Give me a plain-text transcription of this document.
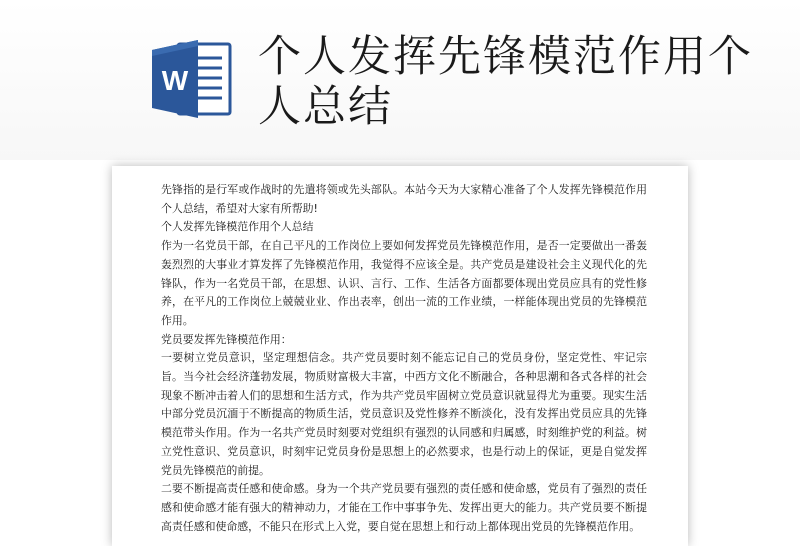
W 个人发挥先锋模范作用个人总结

先锋指的是行军或作战时的先遣将领或先头部队。本站今天为大家精心准备了个人发挥先锋模范作用个人总结，希望对大家有所帮助!

个人发挥先锋模范作用个人总结

作为一名党员干部，在自己平凡的工作岗位上要如何发挥党员先锋模范作用，是否一定要做出一番轰轰烈烈的大事业才算发挥了先锋模范作用，我觉得不应该全是。共产党员是建设社会主义现代化的先锋队，作为一名党员干部，在思想、认识、言行、工作、生活各方面都要体现出党员应具有的党性修养，在平凡的工作岗位上兢兢业业、作出表率，创出一流的工作业绩，一样能体现出党员的先锋模范作用。

党员要发挥先锋模范作用：

一要树立党员意识，坚定理想信念。共产党员要时刻不能忘记自己的党员身份，坚定党性、牢记宗旨。当今社会经济蓬勃发展，物质财富极大丰富，中西方文化不断融合，各种思潮和各式各样的社会现象不断冲击着人们的思想和生活方式，作为共产党员牢固树立党员意识就显得尤为重要。现实生活中部分党员沉湎于不断提高的物质生活，党员意识及党性修养不断淡化，没有发挥出党员应具的先锋模范带头作用。作为一名共产党员时刻要对党组织有强烈的认同感和归属感，时刻维护党的利益。树立党性意识、党员意识，时刻牢记党员身份是思想上的必然要求，也是行动上的保证，更是自觉发挥党员先锋模范的前提。

二要不断提高责任感和使命感。身为一个共产党员要有强烈的责任感和使命感，党员有了强烈的责任感和使命感才能有强大的精神动力，才能在工作中事事争先、发挥出更大的能力。共产党员要不断提高责任感和使命感，不能只在形式上入党，要自觉在思想上和行动上都体现出党员的先锋模范作用。
